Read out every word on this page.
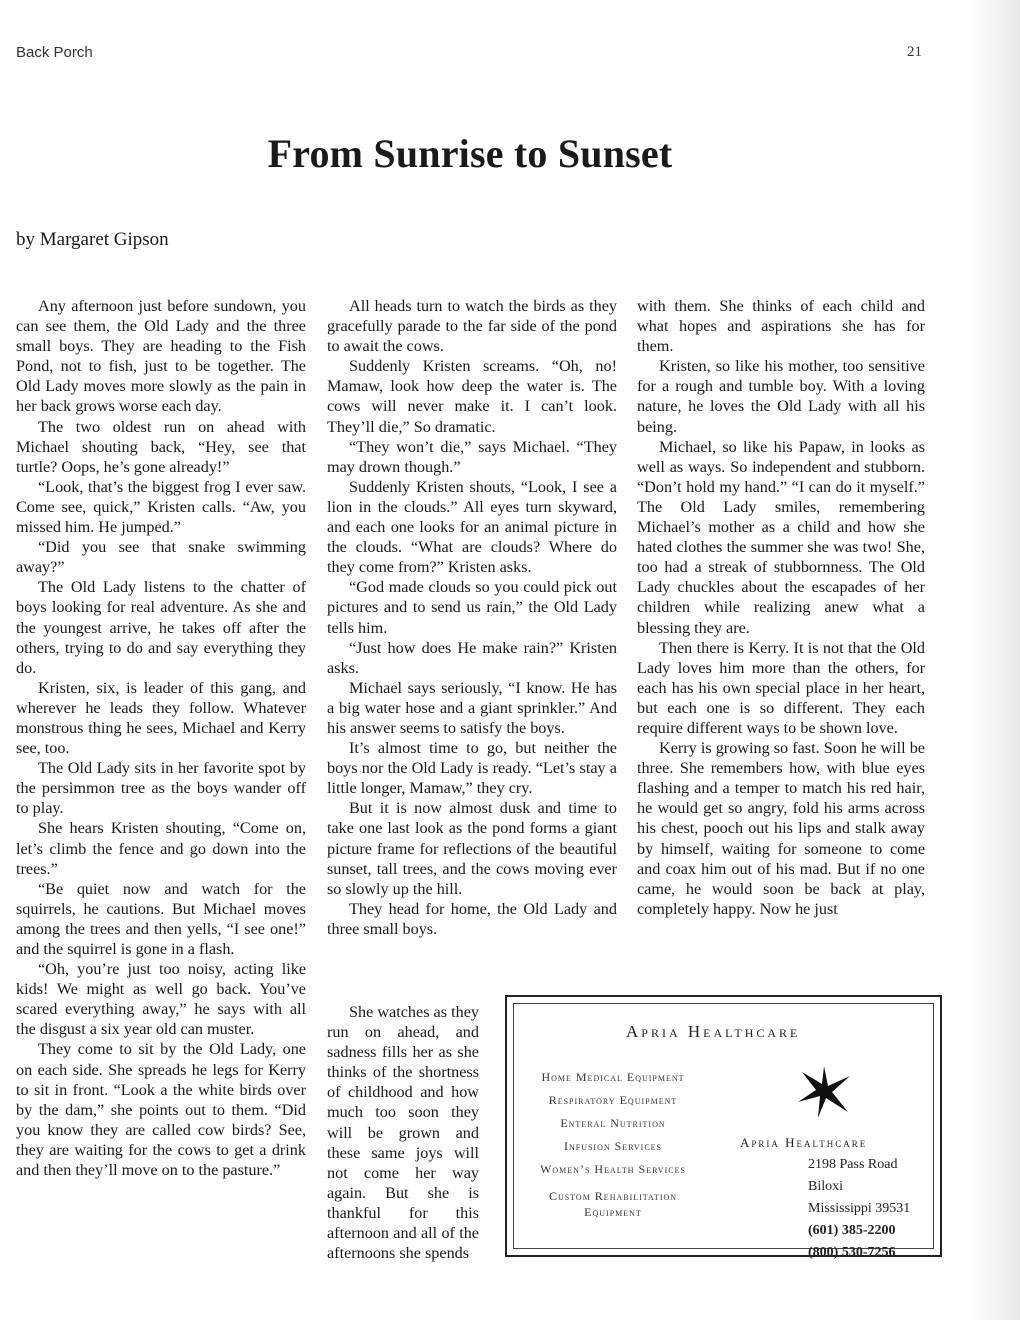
Back Porch	21
From Sunrise to Sunset

by Margaret Gipson

Any afternoon just before sundown, you can see them, the Old Lady and the three small boys. They are heading to the Fish Pond, not to fish, just to be together. The Old Lady moves more slowly as the pain in her back grows worse each day.

The two oldest run on ahead with Michael shouting back, “Hey, see that turtle? Oops, he’s gone already!”

“Look, that’s the biggest frog I ever saw. Come see, quick,” Kristen calls. “Aw, you missed him. He jumped.”

“Did you see that snake swimming away?”

The Old Lady listens to the chatter of boys looking for real adventure. As she and the youngest arrive, he takes off after the others, trying to do and say everything they do.

Kristen, six, is leader of this gang, and wherever he leads they follow. Whatever monstrous thing he sees, Michael and Kerry see, too.

The Old Lady sits in her favorite spot by the persimmon tree as the boys wander off to play.

She hears Kristen shouting, “Come on, let’s climb the fence and go down into the trees.”

“Be quiet now and watch for the squirrels, he cautions. But Michael moves among the trees and then yells, “I see one!” and the squirrel is gone in a flash.

“Oh, you’re just too noisy, acting like kids! We might as well go back. You’ve scared everything away,” he says with all the disgust a six year old can muster.

They come to sit by the Old Lady, one on each side. She spreads he legs for Kerry to sit in front. “Look a the white birds over by the dam,” she points out to them. “Did you know they are called cow birds? See, they are waiting for the cows to get a drink and then they’ll move on to the pasture.”

All heads turn to watch the birds as they gracefully parade to the far side of the pond to await the cows.

Suddenly Kristen screams. “Oh, no! Mamaw, look how deep the water is. The cows will never make it. I can’t look. They’ll die,” So dramatic.

“They won’t die,” says Michael. “They may drown though.”

Suddenly Kristen shouts, “Look, I see a lion in the clouds.” All eyes turn skyward, and each one looks for an animal picture in the clouds. “What are clouds? Where do they come from?” Kristen asks.

“God made clouds so you could pick out pictures and to send us rain,” the Old Lady tells him.

“Just how does He make rain?” Kristen asks.

Michael says seriously, “I know. He has a big water hose and a giant sprinkler.” And his answer seems to satisfy the boys.

It’s almost time to go, but neither the boys nor the Old Lady is ready. “Let’s stay a little longer, Mamaw,” they cry.

But it is now almost dusk and time to take one last look as the pond forms a giant picture frame for reflections of the beautiful sunset, tall trees, and the cows moving ever so slowly up the hill.

They head for home, the Old Lady and three small boys.

She watches as they run on ahead, and sadness fills her as she thinks of the shortness of childhood and how much too soon they will be grown and these same joys will not come her way again. But she is thankful for this afternoon and all of the afternoons she spends

with them. She thinks of each child and what hopes and aspirations she has for them.

Kristen, so like his mother, too sensitive for a rough and tumble boy. With a loving nature, he loves the Old Lady with all his being.

Michael, so like his Papaw, in looks as well as ways. So independent and stubborn. “Don’t hold my hand.” “I can do it myself.” The Old Lady smiles, remembering Michael’s mother as a child and how she hated clothes the summer she was two! She, too had a streak of stubbornness. The Old Lady chuckles about the escapades of her children while realizing anew what a blessing they are.

Then there is Kerry. It is not that the Old Lady loves him more than the others, for each has his own special place in her heart, but each one is so different. They each require different ways to be shown love.

Kerry is growing so fast. Soon he will be three. She remembers how, with blue eyes flashing and a temper to match his red hair, he would get so angry, fold his arms across his chest, pooch out his lips and stalk away by himself, waiting for someone to come and coax him out of his mad. But if no one came, he would soon be back at play, completely happy. Now he just

Apria Healthcare

Home Medical Equipment
Respiratory Equipment
Enteral Nutrition
Infusion Services
Women’s Health Services
Custom Rehabilitation
Equipment
Apria Healthcare
2198 Pass Road
Biloxi
Mississippi 39531
(601) 385-2200
(800) 530-7256
